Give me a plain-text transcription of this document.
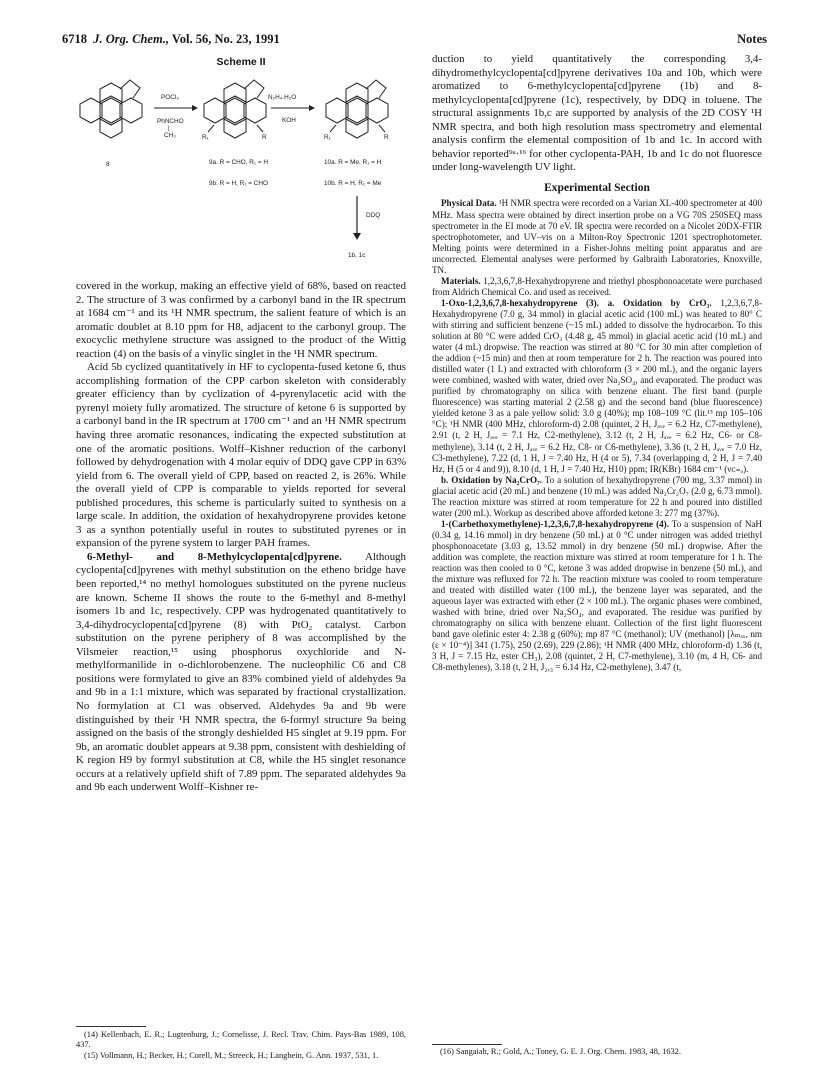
6718 J. Org. Chem., Vol. 56, No. 23, 1991	Notes
Scheme II
8
POCl₃
PhNCHO
|
CH₃	R₁	R
9a. R = CHO, R₁ = H
9b. R = H, R₁ = CHO
N₂H₄.H₂O
KOH
R₁	R
10a. R = Me, R₁ = H
10b. R = H, R₁ = Me
DDQ
1b, 1c

covered in the workup, making an effective yield of 68%, based on reacted 2. The structure of 3 was confirmed by a carbonyl band in the IR spectrum at 1684 cm⁻¹ and its ¹H NMR spectrum, the salient feature of which is an aromatic doublet at 8.10 ppm for H8, adjacent to the carbonyl group. The exocyclic methylene structure was assigned to the product of the Wittig reaction (4) on the basis of a vinylic singlet in the ¹H NMR spectrum.

Acid 5b cyclized quantitatively in HF to cyclopenta-fused ketone 6, thus accomplishing formation of the CPP carbon skeleton with considerably greater efficiency than by cyclization of 4-pyrenylacetic acid with the pyrenyl moiety fully aromatized. The structure of ketone 6 is supported by a carbonyl band in the IR spectrum at 1700 cm⁻¹ and an ¹H NMR spectrum having three aromatic resonances, indicating the expected substitution at one of the aromatic positions. Wolff–Kishner reduction of the carbonyl followed by dehydrogenation with 4 molar equiv of DDQ gave CPP in 63% yield from 6. The overall yield of CPP, based on reacted 2, is 26%. While the overall yield of CPP is comparable to yields reported for several published procedures, this scheme is particularly suited to synthesis on a large scale. In addition, the oxidation of hexahydropyrene provides ketone 3 as a synthon potentially useful in routes to substituted pyrenes or in expansion of the pyrene system to larger PAH frames.

6-Methyl- and 8-Methylcyclopenta[cd]pyrene. Although cyclopenta[cd]pyrenes with methyl substitution on the etheno bridge have been reported,¹⁴ no methyl homologues substituted on the pyrene nucleus are known. Scheme II shows the route to the 6-methyl and 8-methyl isomers 1b and 1c, respectively. CPP was hydrogenated quantitatively to 3,4-dihydrocyclopenta[cd]pyrene (8) with PtO₂ catalyst. Carbon substitution on the pyrene periphery of 8 was accomplished by the Vilsmeier reaction,¹⁵ using phosphorus oxychloride and N-methylformanilide in o-dichlorobenzene. The nucleophilic C6 and C8 positions were formylated to give an 83% combined yield of aldehydes 9a and 9b in a 1:1 mixture, which was separated by fractional crystallization. No formylation at C1 was observed. Aldehydes 9a and 9b were distinguished by their ¹H NMR spectra, the 6-formyl structure 9a being assigned on the basis of the strongly deshielded H5 singlet at 9.19 ppm. For 9b, an aromatic doublet appears at 9.38 ppm, consistent with deshielding of K region H9 by formyl substitution at C8, while the H5 singlet resonance occurs at a relatively upfield shift of 7.89 ppm. The separated aldehydes 9a and 9b each underwent Wolff–Kishner re-

(14) Kellenbach, E. R.; Lugtenburg, J.; Cornelisse, J. Recl. Trav. Chim. Pays-Bas 1989, 108, 437.

(15) Vollmann, H.; Becker, H.; Corell, M.; Streeck, H.; Langbein, G. Ann. 1937, 531, 1.

duction to yield quantitatively the corresponding 3,4-dihydromethylcyclopenta[cd]pyrene derivatives 10a and 10b, which were aromatized to 6-methylcyclopenta[cd]pyrene (1b) and 8-methylcyclopenta[cd]pyrene (1c), respectively, by DDQ in toluene. The structural assignments 1b,c are supported by analysis of the 2D COSY ¹H NMR spectra, and both high resolution mass spectrometry and elemental analysis confirm the elemental composition of 1b and 1c. In accord with behavior reported⁹ᵃ·¹⁶ for other cyclopenta-PAH, 1b and 1c do not fluoresce under long-wavelength UV light.

Experimental Section

Physical Data. ¹H NMR spectra were recorded on a Varian XL-400 spectrometer at 400 MHz. Mass spectra were obtained by direct insertion probe on a VG 70S 250SEQ mass spectrometer in the EI mode at 70 eV. IR spectra were recorded on a Nicolet 20DX-FTIR spectrophotometer, and UV–vis on a Milton-Roy Spectronic 1201 spectrophotometer. Melting points were determined in a Fisher-Johns melting point apparatus and are uncorrected. Elemental analyses were performed by Galbraith Laboratories, Knoxville, TN.

Materials. 1,2,3,6,7,8-Hexahydropyrene and triethyl phosphonoacetate were purchased from Aldrich Chemical Co. and used as received.

1-Oxo-1,2,3,6,7,8-hexahydropyrene (3). a. Oxidation by CrO₃. 1,2,3,6,7,8-Hexahydropyrene (7.0 g, 34 mmol) in glacial acetic acid (100 mL) was heated to 80° C with stirring and sufficient benzene (~15 mL) added to dissolve the hydrocarbon. To this solution at 80 °C were added CrO₃ (4.48 g, 45 mmol) in glacial acetic acid (10 mL) and water (4 mL) dropwise. The reaction was stirred at 80 °C for 30 min after completion of the addion (~15 min) and then at room temperature for 2 h. The reaction was poured into distilled water (1 L) and extracted with chloroform (3 × 200 mL), and the organic layers were combined, washed with water, dried over Na₂SO₄, and evaporated. The product was purified by chromatography on silica with benzene eluant. The first band (purple fluorescence) was starting material 2 (2.58 g) and the second band (blue fluorescence) yielded ketone 3 as a pale yellow solid: 3.0 g (40%); mp 108–109 °C (lit.¹³ mp 105–106 °C); ¹H NMR (400 MHz, chloroform-d) 2.08 (quintet, 2 H, Jₐᵥₑ = 6.2 Hz, C7-methylene), 2.91 (t, 2 H, Jₐᵥₑ = 7.1 Hz, C2-methylene), 3.12 (t, 2 H, Jₐᵥₑ = 6.2 Hz, C6- or C8-methylene), 3.14 (t, 2 H, Jₐᵥₑ = 6.2 Hz, C8- or C6-methylene), 3.36 (t, 2 H, Jₐᵥₑ = 7.0 Hz, C3-methylene), 7.22 (d, 1 H, J = 7.40 Hz, H (4 or 5), 7.34 (overlapping d, 2 H, J = 7.40 Hz, H (5 or 4 and 9)), 8.10 (d, 1 H, J = 7.40 Hz, H10) ppm; IR(KBr) 1684 cm⁻¹ (νᴄ₌ₒ).

b. Oxidation by Na₂CrO₇. To a solution of hexahydropyrene (700 mg, 3.37 mmol) in glacial acetic acid (20 mL) and benzene (10 mL) was added Na₂Cr₂O₇ (2.0 g, 6.73 mmol). The reaction mixture was stirred at room temperature for 22 h and poured into distilled water (200 mL). Workup as described above afforded ketone 3: 277 mg (37%).

1-(Carbethoxymethylene)-1,2,3,6,7,8-hexahydropyrene (4). To a suspension of NaH (0.34 g, 14.16 mmol) in dry benzene (50 mL) at 0 °C under nitrogen was added triethyl phosphonoacetate (3.03 g, 13.52 mmol) in dry benzene (50 mL) dropwise. After the addition was complete, the reaction mixture was stirred at room temperature for 1 h. The reaction was then cooled to 0 °C, ketone 3 was added dropwise in benzene (50 mL), and the mixture was refluxed for 72 h. The reaction mixture was cooled to room temperature and treated with distilled water (100 mL), the benzene layer was separated, and the aqueous layer was extracted with ether (2 × 100 mL). The organic phases were combined, washed with brine, dried over Na₂SO₄, and evaporated. The residue was purified by chromatography on silica with benzene eluant. Collection of the first light fluorescent band gave olefinic ester 4: 2.38 g (60%); mp 87 °C (methanol); UV (methanol) [λₘₐₓ, nm (ε × 10⁻⁴)] 341 (1.75), 250 (2.69), 229 (2.86); ¹H NMR (400 MHz, chloroform-d) 1.36 (t, 3 H, J = 7.15 Hz, ester CH₃), 2.08 (quintet, 2 H, C7-methylene), 3.10 (m, 4 H, C6- and C8-methylenes), 3.18 (t, 2 H, J₂,₃ = 6.14 Hz, C2-methylene), 3.47 (t,

(16) Sangaiah, R.; Gold, A.; Toney, G. E. J. Org. Chem. 1983, 48, 1632.
